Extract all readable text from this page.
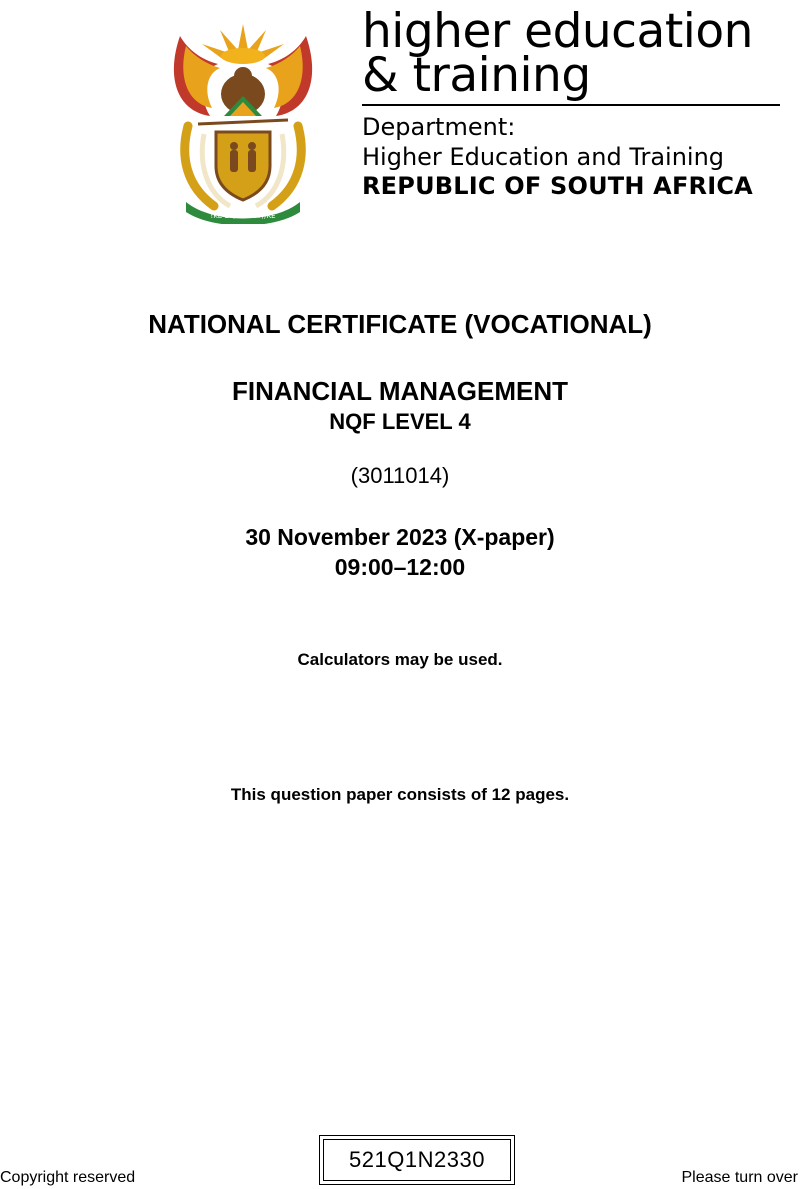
!KE E: /XARRA //KE
higher education
& training
Department:
Higher Education and Training
REPUBLIC OF SOUTH AFRICA
NATIONAL CERTIFICATE (VOCATIONAL)
FINANCIAL MANAGEMENT
NQF LEVEL 4
(3011014)
30 November 2023 (X-paper)
09:00–12:00
Calculators may be used.
This question paper consists of 12 pages.
Copyright reserved
521Q1N2330
Please turn over
